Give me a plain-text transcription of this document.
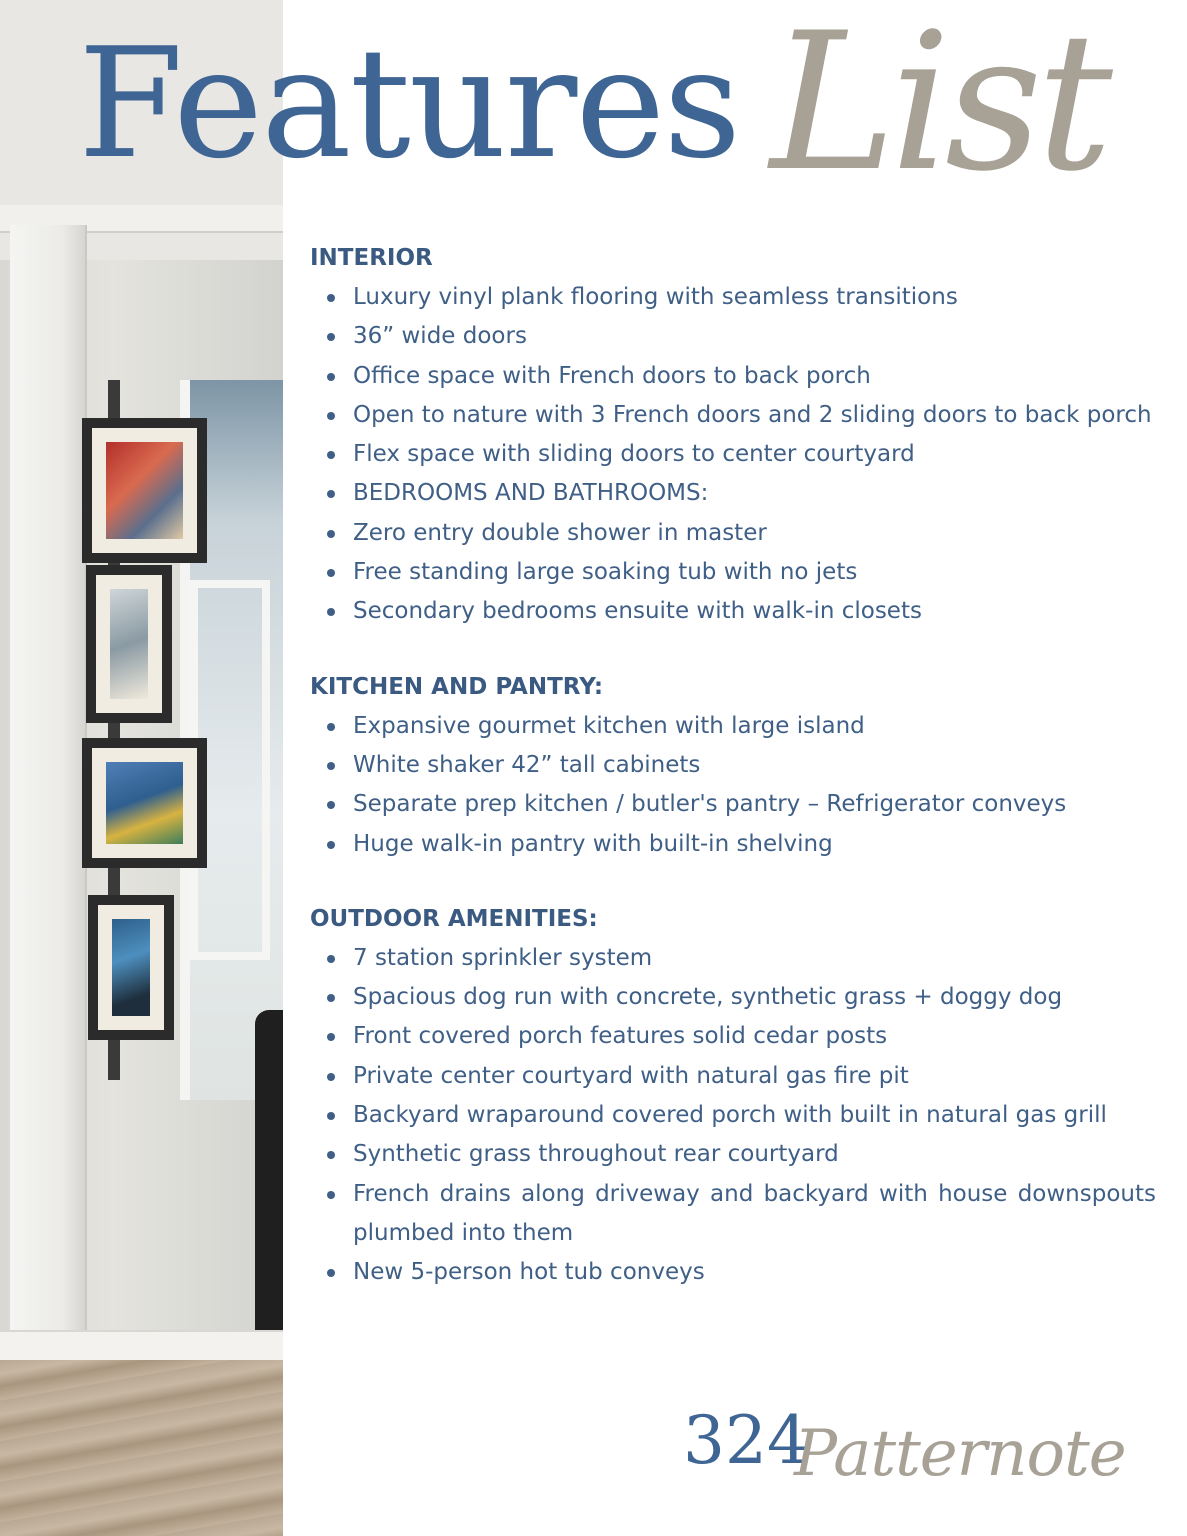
Features List
INTERIOR
Luxury vinyl plank flooring with seamless transitions
36” wide doors
Office space with French doors to back porch
Open to nature with 3 French doors and 2 sliding doors to back porch
Flex space with sliding doors to center courtyard
BEDROOMS AND BATHROOMS:
Zero entry double shower in master
Free standing large soaking tub with no jets
Secondary bedrooms ensuite with walk-in closets
KITCHEN AND PANTRY:
Expansive gourmet kitchen with large island
White shaker 42” tall cabinets
Separate prep kitchen / butler's pantry – Refrigerator conveys
Huge walk-in pantry with built-in shelving
OUTDOOR AMENITIES:
7 station sprinkler system
Spacious dog run with concrete, synthetic grass + doggy dog
Front covered porch features solid cedar posts
Private center courtyard with natural gas fire pit
Backyard wraparound covered porch with built in natural gas grill
Synthetic grass throughout rear courtyard
French drains along driveway and backyard with house downspouts plumbed into them
New 5-person hot tub conveys
324
Patternote
